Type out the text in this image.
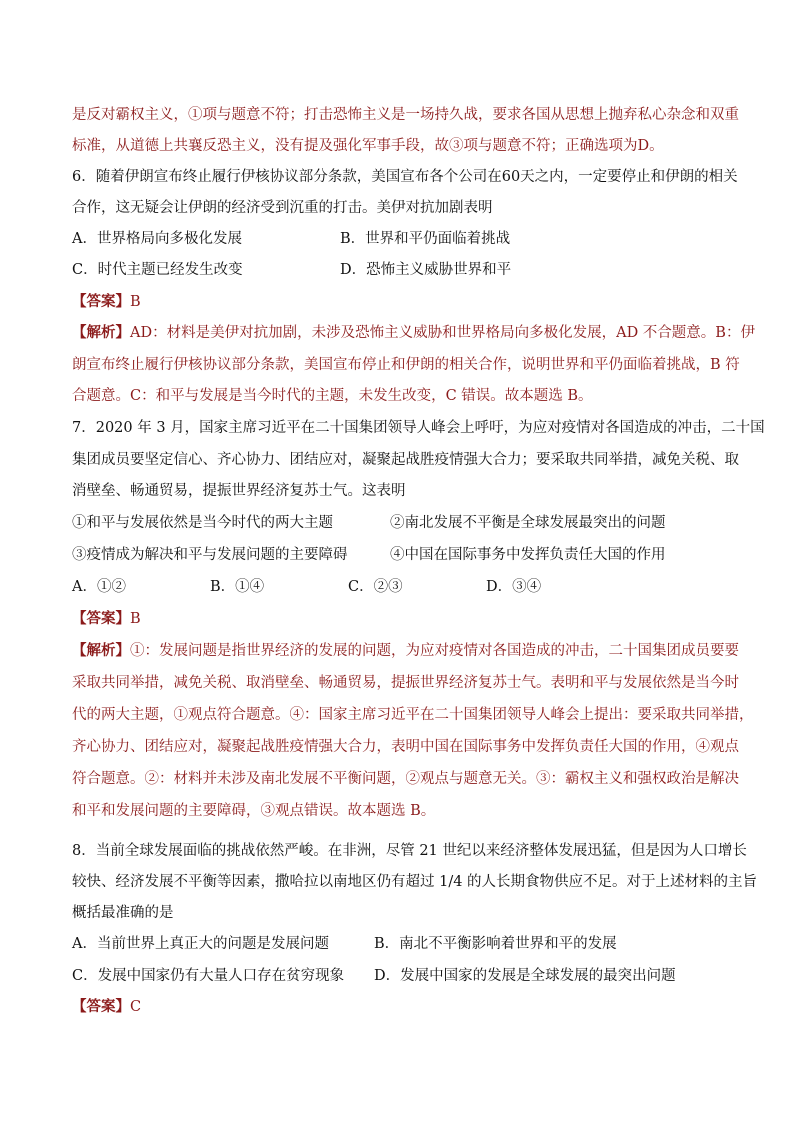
是反对霸权主义，①项与题意不符；打击恐怖主义是一场持久战，要求各国从思想上抛弃私心杂念和双重
标准，从道德上共襄反恐主义，没有提及强化军事手段，故③项与题意不符；正确选项为D。
6．随着伊朗宣布终止履行伊核协议部分条款，美国宣布各个公司在60天之内，一定要停止和伊朗的相关
合作，这无疑会让伊朗的经济受到沉重的打击。美伊对抗加剧表明
A．世界格局向多极化发展	B．世界和平仍面临着挑战
C．时代主题已经发生改变	D．恐怖主义威胁世界和平
【答案】B
【解析】AD：材料是美伊对抗加剧，未涉及恐怖主义威胁和世界格局向多极化发展，AD 不合题意。B：伊
朗宣布终止履行伊核协议部分条款，美国宣布停止和伊朗的相关合作，说明世界和平仍面临着挑战，B 符
合题意。C：和平与发展是当今时代的主题，未发生改变，C 错误。故本题选 B。
7．2020 年 3 月，国家主席习近平在二十国集团领导人峰会上呼吁，为应对疫情对各国造成的冲击，二十国
集团成员要坚定信心、齐心协力、团结应对，凝聚起战胜疫情强大合力；要采取共同举措，减免关税、取
消壁垒、畅通贸易，提振世界经济复苏士气。这表明
①和平与发展依然是当今时代的两大主题	②南北发展不平衡是全球发展最突出的问题
③疫情成为解决和平与发展问题的主要障碍	④中国在国际事务中发挥负责任大国的作用
A．①②	B．①④	C．②③	D．③④
【答案】B
【解析】①：发展问题是指世界经济的发展的问题，为应对疫情对各国造成的冲击，二十国集团成员要要
采取共同举措，减免关税、取消壁垒、畅通贸易，提振世界经济复苏士气。表明和平与发展依然是当今时
代的两大主题，①观点符合题意。④：国家主席习近平在二十国集团领导人峰会上提出：要采取共同举措，
齐心协力、团结应对，凝聚起战胜疫情强大合力，表明中国在国际事务中发挥负责任大国的作用，④观点
符合题意。②：材料并未涉及南北发展不平衡问题，②观点与题意无关。③：霸权主义和强权政治是解决
和平和发展问题的主要障碍，③观点错误。故本题选 B。
8．当前全球发展面临的挑战依然严峻。在非洲，尽管 21 世纪以来经济整体发展迅猛，但是因为人口增长
较快、经济发展不平衡等因素，撒哈拉以南地区仍有超过 1/4 的人长期食物供应不足。对于上述材料的主旨
概括最准确的是
A．当前世界上真正大的问题是发展问题	B．南北不平衡影响着世界和平的发展
C．发展中国家仍有大量人口存在贫穷现象 D．发展中国家的发展是全球发展的最突出问题
【答案】C
